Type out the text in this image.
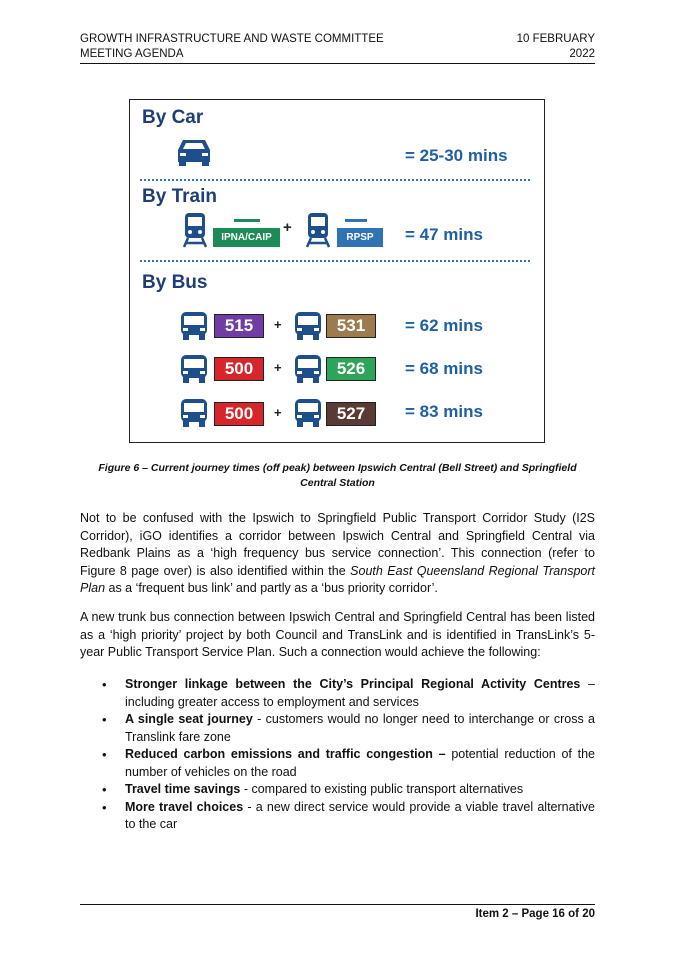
GROWTH INFRASTRUCTURE AND WASTE COMMITTEE
MEETING AGENDA
10 FEBRUARY
2022
By Car
= 25-30 mins
By Train
IPNA/CAIP
+
RPSP	= 47 mins
By Bus
515	+	531	= 62 mins
500	+	526	= 68 mins
500	+	527	= 83 mins
Figure 6 – Current journey times (off peak) between Ipswich Central (Bell Street) and Springfield Central Station
Not to be confused with the Ipswich to Springfield Public Transport Corridor Study (I2S Corridor), iGO identifies a corridor between Ipswich Central and Springfield Central via Redbank Plains as a ‘high frequency bus service connection’. This connection (refer to Figure 8 page over) is also identified within the South East Queensland Regional Transport Plan as a ‘frequent bus link’ and partly as a ‘bus priority corridor’.
A new trunk bus connection between Ipswich Central and Springfield Central has been listed as a ‘high priority’ project by both Council and TransLink and is identified in TransLink’s 5-year Public Transport Service Plan. Such a connection would achieve the following:
• Stronger linkage between the City’s Principal Regional Activity Centres – including greater access to employment and services
• A single seat journey - customers would no longer need to interchange or cross a Translink fare zone
• Reduced carbon emissions and traffic congestion – potential reduction of the number of vehicles on the road
• Travel time savings - compared to existing public transport alternatives
• More travel choices - a new direct service would provide a viable travel alternative to the car
Item 2 – Page 16 of 20
